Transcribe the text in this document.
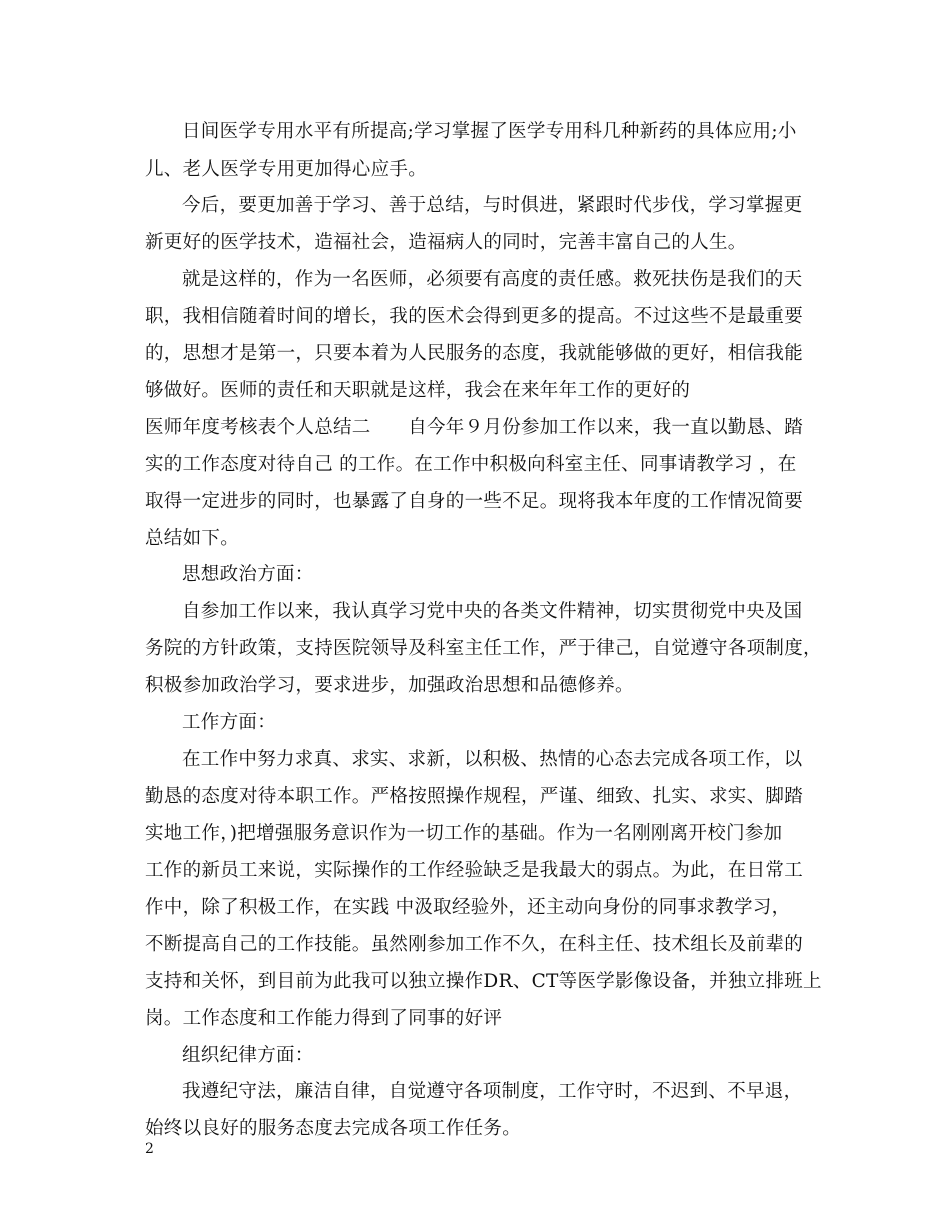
日间医学专用水平有所提高;学习掌握了医学专用科几种新药的具体应用;小
儿、老人医学专用更加得心应手。
今后，要更加善于学习、善于总结，与时俱进，紧跟时代步伐，学习掌握更
新更好的医学技术，造福社会，造福病人的同时，完善丰富自己的人生。
就是这样的，作为一名医师，必须要有高度的责任感。救死扶伤是我们的天
职，我相信随着时间的增长，我的医术会得到更多的提高。不过这些不是最重要
的，思想才是第一，只要本着为人民服务的态度，我就能够做的更好，相信我能
够做好。医师的责任和天职就是这样，我会在来年年工作的更好的
医师年度考核表个人总结二　　自今年９月份参加工作以来，我一直以勤恳、踏
实的工作态度对待自己 的工作。在工作中积极向科室主任、同事请教学习 ，在
取得一定进步的同时，也暴露了自身的一些不足。现将我本年度的工作情况简要
总结如下。
思想政治方面：
自参加工作以来，我认真学习党中央的各类文件精神，切实贯彻党中央及国
务院的方针政策，支持医院领导及科室主任工作，严于律己，自觉遵守各项制度，
积极参加政治学习，要求进步，加强政治思想和品德修养。
工作方面：
在工作中努力求真、求实、求新，以积极、热情的心态去完成各项工作，以
勤恳的态度对待本职工作。严格按照操作规程，严谨、细致、扎实、求实、脚踏
实地工作，)把增强服务意识作为一切工作的基础。作为一名刚刚离开校门参加
工作的新员工来说，实际操作的工作经验缺乏是我最大的弱点。为此，在日常工
作中，除了积极工作，在实践 中汲取经验外，还主动向身份的同事求教学习，
不断提高自己的工作技能。虽然刚参加工作不久，在科主任、技术组长及前辈的
支持和关怀，到目前为此我可以独立操作DR、CT等医学影像设备，并独立排班上
岗。工作态度和工作能力得到了同事的好评
组织纪律方面：
我遵纪守法，廉洁自律，自觉遵守各项制度，工作守时，不迟到、不早退，
始终以良好的服务态度去完成各项工作任务。
2
